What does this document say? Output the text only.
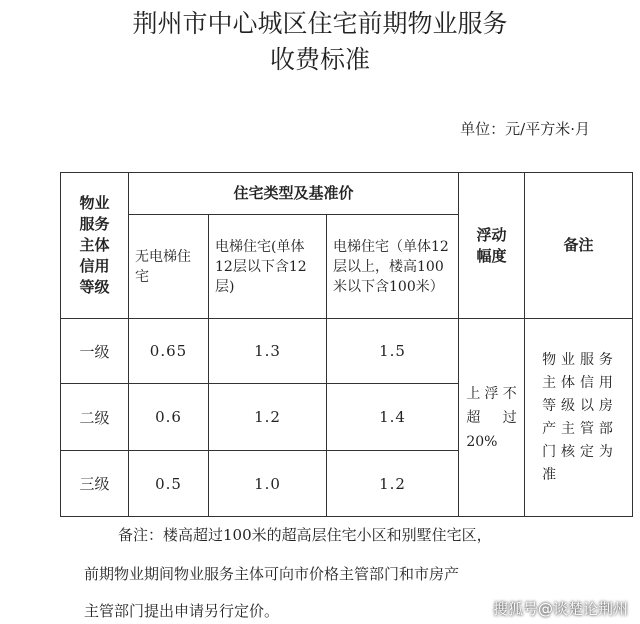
荆州市中心城区住宅前期物业服务
收费标准
单位：元/平方米·月
物业服务主体信用等级	住宅类型及基准价			浮动幅度	备注

	无电梯住宅	电梯住宅(单体12层以下含12层)	电梯住宅（单体12层以上，楼高100米以下含100米）		
一级	0.65	1.3	1.5	上浮不超过20%	物业服务主体信用等级以房产主管部门核定为准

二级	0.6	1.2	1.4		
三级	0.5	1.0	1.2		
备注：楼高超过100米的超高层住宅小区和别墅住宅区，
前期物业期间物业服务主体可向市价格主管部门和市房产
主管部门提出申请另行定价。	搜狐号@谈楚论荆州
